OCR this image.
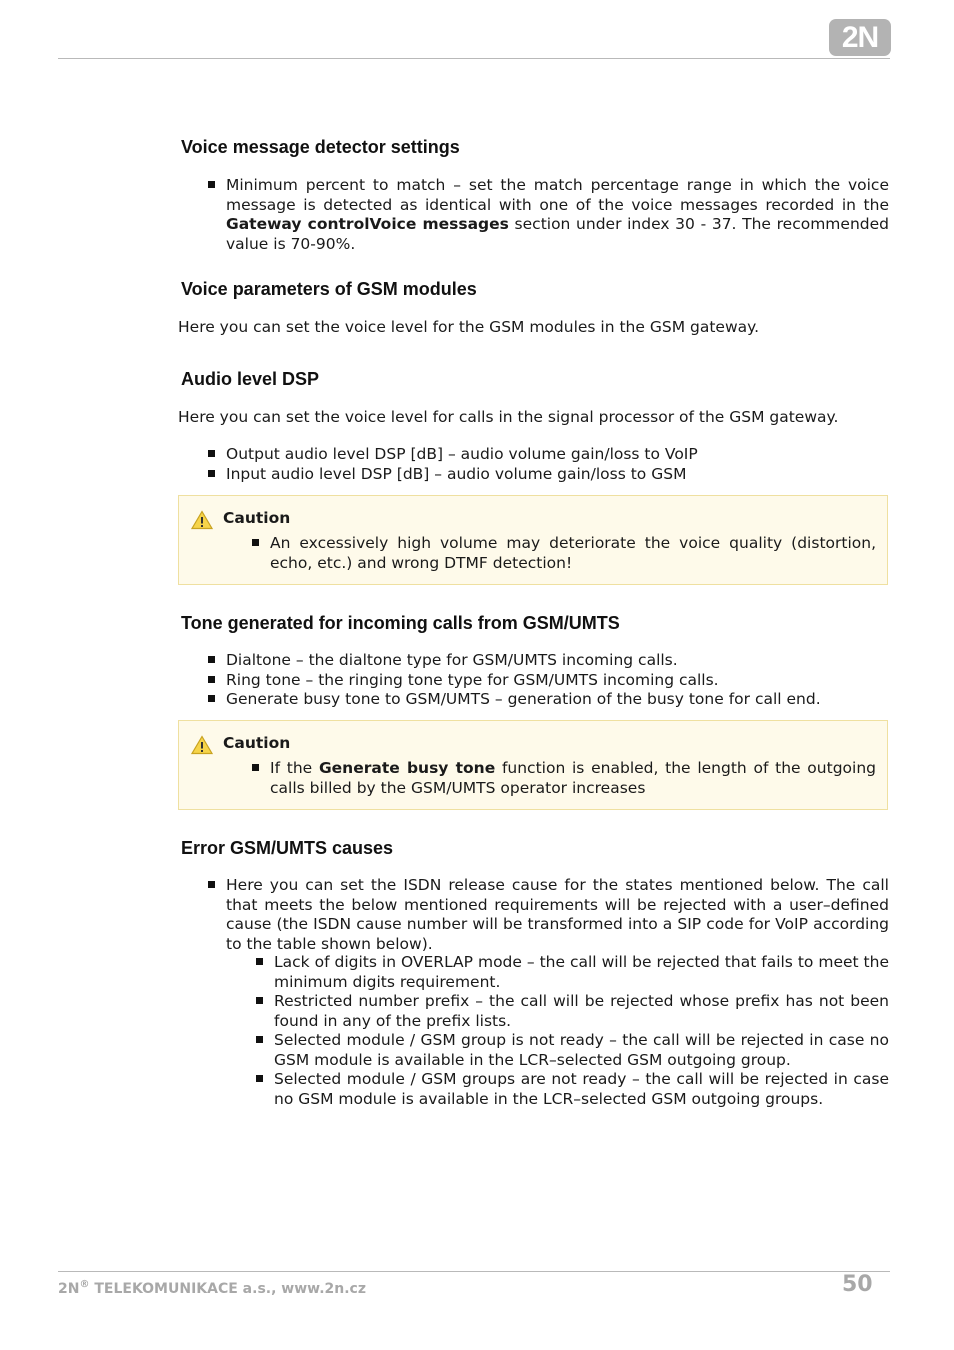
2N
Voice message detector settings

Minimum percent to match – set the match percentage range in which the voice message is detected as identical with one of the voice messages recorded in the Gateway controlVoice messages section under index 30 - 37. The recommended value is 70-90%.

Voice parameters of GSM modules
Here you can set the voice level for the GSM modules in the GSM gateway.
Audio level DSP
Here you can set the voice level for calls in the signal processor of the GSM gateway.

Output audio level DSP [dB] – audio volume gain/loss to VoIP

Input audio level DSP [dB] – audio volume gain/loss to GSM

Caution

An excessively high volume may deteriorate the voice quality (distortion, echo, etc.) and wrong DTMF detection!

Tone generated for incoming calls from GSM/UMTS

Dialtone – the dialtone type for GSM/UMTS incoming calls.

Ring tone – the ringing tone type for GSM/UMTS incoming calls.

Generate busy tone to GSM/UMTS – generation of the busy tone for call end.

Caution

If the Generate busy tone function is enabled, the length of the outgoing calls billed by the GSM/UMTS operator increases

Error GSM/UMTS causes

Here you can set the ISDN release cause for the states mentioned below. The call that meets the below mentioned requirements will be rejected with a user–defined cause (the ISDN cause number will be transformed into a SIP code for VoIP according to the table shown below).

Lack of digits in OVERLAP mode – the call will be rejected that fails to meet the minimum digits requirement.

Restricted number prefix – the call will be rejected whose prefix has not been found in any of the prefix lists.

Selected module / GSM group is not ready – the call will be rejected in case no GSM module is available in the LCR–selected GSM outgoing group.

Selected module / GSM groups are not ready – the call will be rejected in case no GSM module is available in the LCR–selected GSM outgoing groups.

2N® TELEKOMUNIKACE a.s., www.2n.cz	50
